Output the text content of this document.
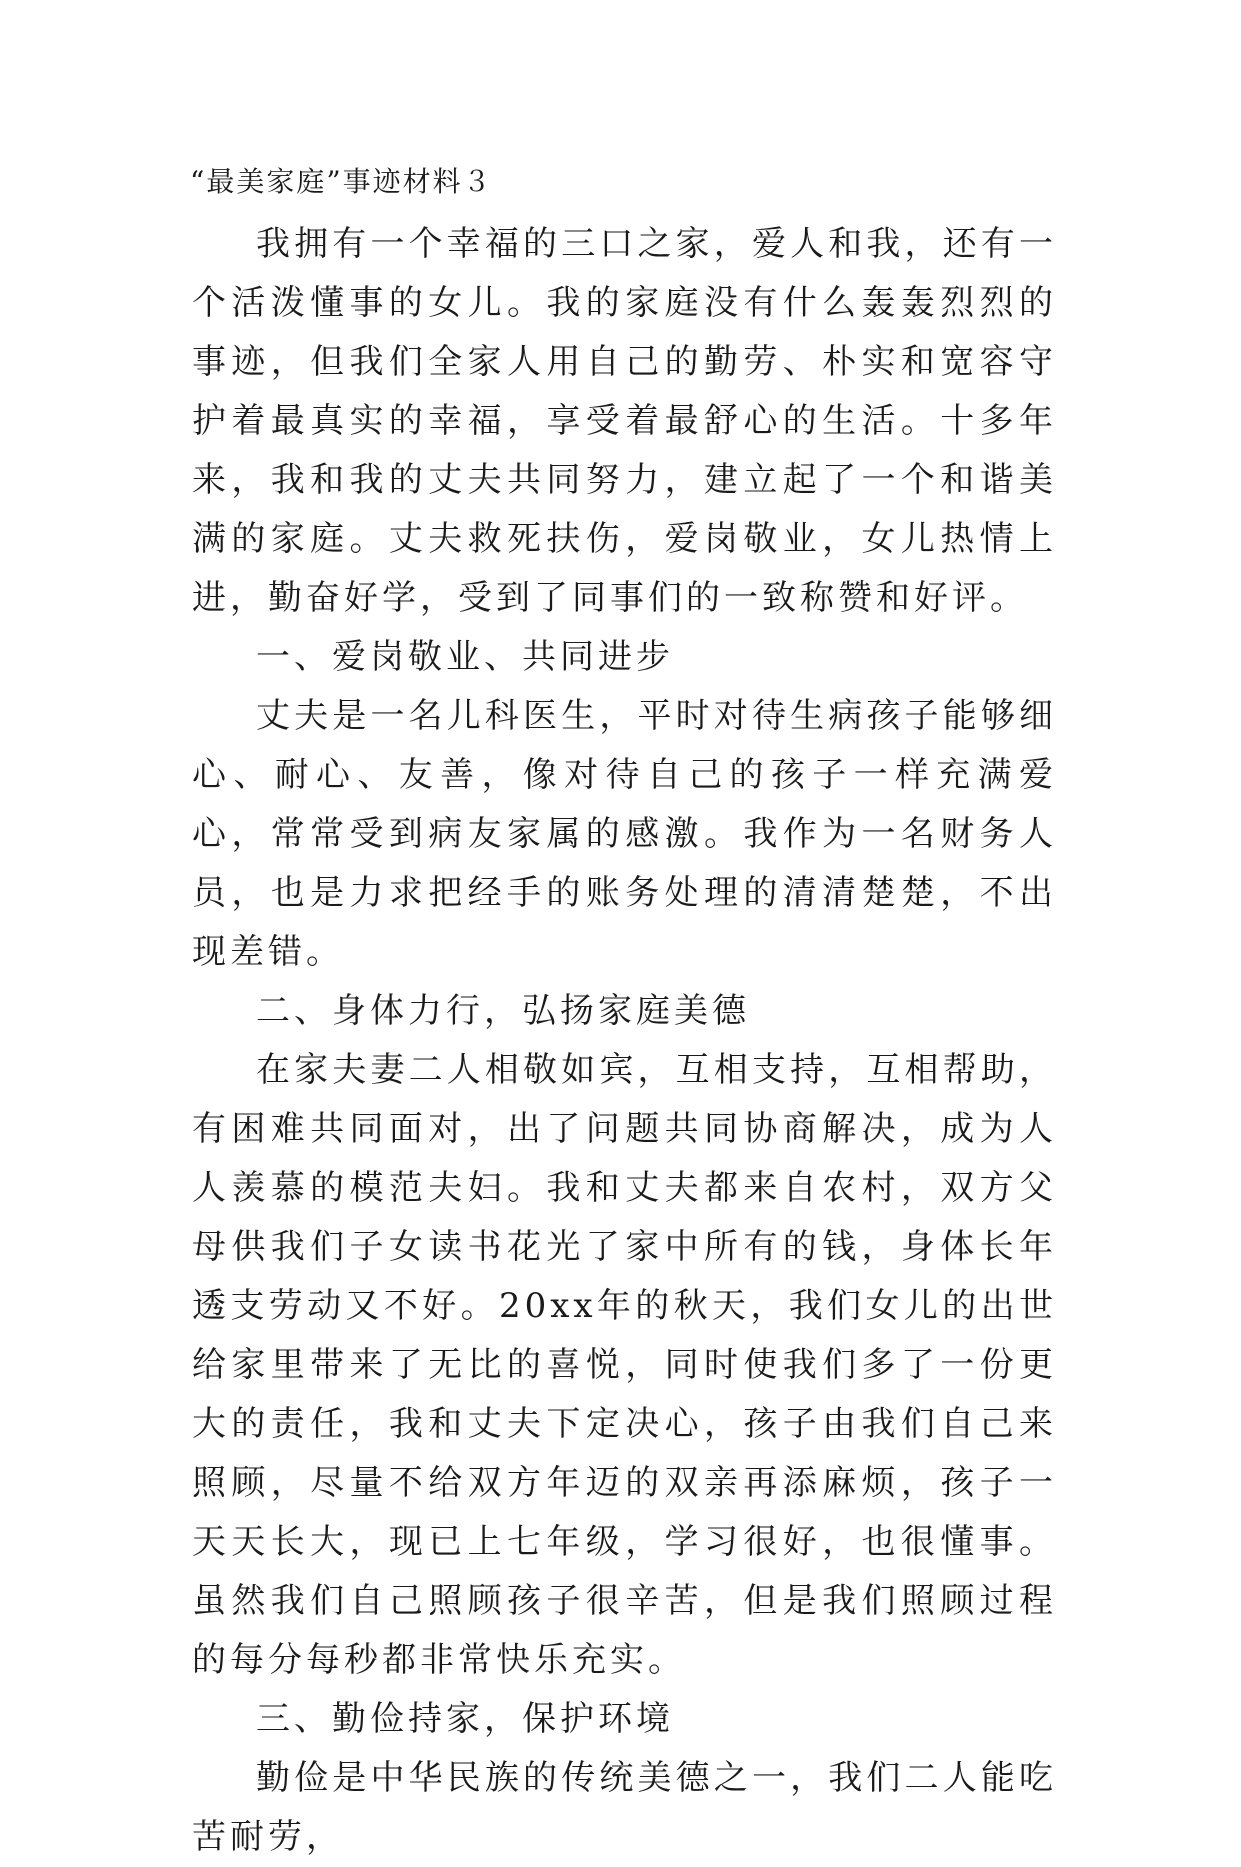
“最美家庭”事迹材料３

我拥有一个幸福的三口之家，爱人和我，还有一个活泼懂事的女儿。我的家庭没有什么轰轰烈烈的事迹，但我们全家人用自己的勤劳、朴实和宽容守护着最真实的幸福，享受着最舒心的生活。十多年来，我和我的丈夫共同努力，建立起了一个和谐美满的家庭。丈夫救死扶伤，爱岗敬业，女儿热情上进，勤奋好学，受到了同事们的一致称赞和好评。

一、爱岗敬业、共同进步

丈夫是一名儿科医生，平时对待生病孩子能够细心、耐心、友善，像对待自己的孩子一样充满爱心，常常受到病友家属的感激。我作为一名财务人员，也是力求把经手的账务处理的清清楚楚，不出现差错。

二、身体力行，弘扬家庭美德

在家夫妻二人相敬如宾，互相支持，互相帮助，有困难共同面对，出了问题共同协商解决，成为人人羡慕的模范夫妇。我和丈夫都来自农村，双方父母供我们子女读书花光了家中所有的钱，身体长年透支劳动又不好。20xx年的秋天，我们女儿的出世给家里带来了无比的喜悦，同时使我们多了一份更大的责任，我和丈夫下定决心，孩子由我们自己来照顾，尽量不给双方年迈的双亲再添麻烦，孩子一天天长大，现已上七年级，学习很好，也很懂事。虽然我们自己照顾孩子很辛苦，但是我们照顾过程的每分每秒都非常快乐充实。

三、勤俭持家，保护环境

勤俭是中华民族的传统美德之一，我们二人能吃苦耐劳，
